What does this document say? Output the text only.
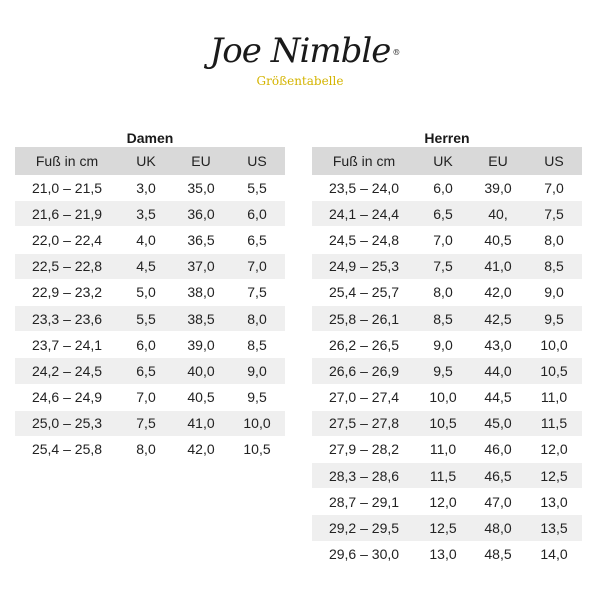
Joe Nimble ®
Größentabelle
Damen
Fuß in cm	UK	EU	US
21,0 – 21,5	3,0	35,0	5,5
21,6 – 21,9	3,5	36,0	6,0
22,0 – 22,4	4,0	36,5	6,5
22,5 – 22,8	4,5	37,0	7,0
22,9 – 23,2	5,0	38,0	7,5
23,3 – 23,6	5,5	38,5	8,0
23,7 – 24,1	6,0	39,0	8,5
24,2 – 24,5	6,5	40,0	9,0
24,6 – 24,9	7,0	40,5	9,5
25,0 – 25,3	7,5	41,0	10,0
25,4 – 25,8	8,0	42,0	10,5
Herren
Fuß in cm	UK	EU	US
23,5 – 24,0	6,0	39,0	7,0
24,1 – 24,4	6,5	40,	7,5
24,5 – 24,8	7,0	40,5	8,0
24,9 – 25,3	7,5	41,0	8,5
25,4 – 25,7	8,0	42,0	9,0
25,8 – 26,1	8,5	42,5	9,5
26,2 – 26,5	9,0	43,0	10,0
26,6 – 26,9	9,5	44,0	10,5
27,0 – 27,4	10,0	44,5	11,0
27,5 – 27,8	10,5	45,0	11,5
27,9 – 28,2	11,0	46,0	12,0
28,3 – 28,6	11,5	46,5	12,5
28,7 – 29,1	12,0	47,0	13,0
29,2 – 29,5	12,5	48,0	13,5
29,6 – 30,0	13,0	48,5	14,0
